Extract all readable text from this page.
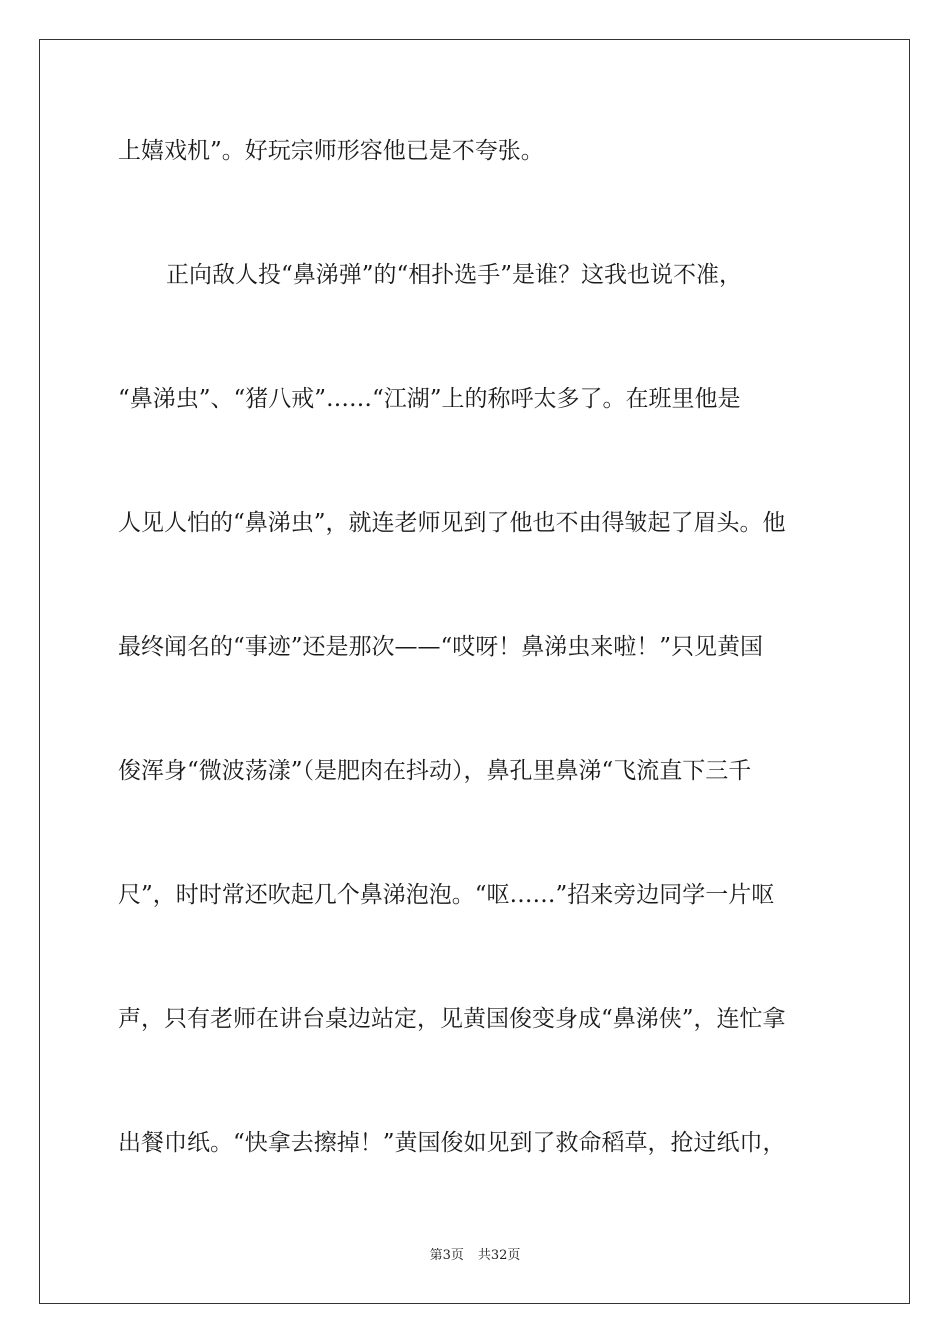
上嬉戏机”。好玩宗师形容他已是不夸张。
正向敌人投“鼻涕弹”的“相扑选手”是谁？这我也说不准，
“鼻涕虫”、“猪八戒”……“江湖”上的称呼太多了。在班里他是
人见人怕的“鼻涕虫”，就连老师见到了他也不由得皱起了眉头。他
最终闻名的“事迹”还是那次——“哎呀！鼻涕虫来啦！”只见黄国
俊浑身“微波荡漾”（是肥肉在抖动），鼻孔里鼻涕“飞流直下三千
尺”，时时常还吹起几个鼻涕泡泡。“呕……”招来旁边同学一片呕
声，只有老师在讲台桌边站定，见黄国俊变身成“鼻涕侠”，连忙拿
出餐巾纸。“快拿去擦掉！”黄国俊如见到了救命稻草，抢过纸巾，
第3页 共32页
